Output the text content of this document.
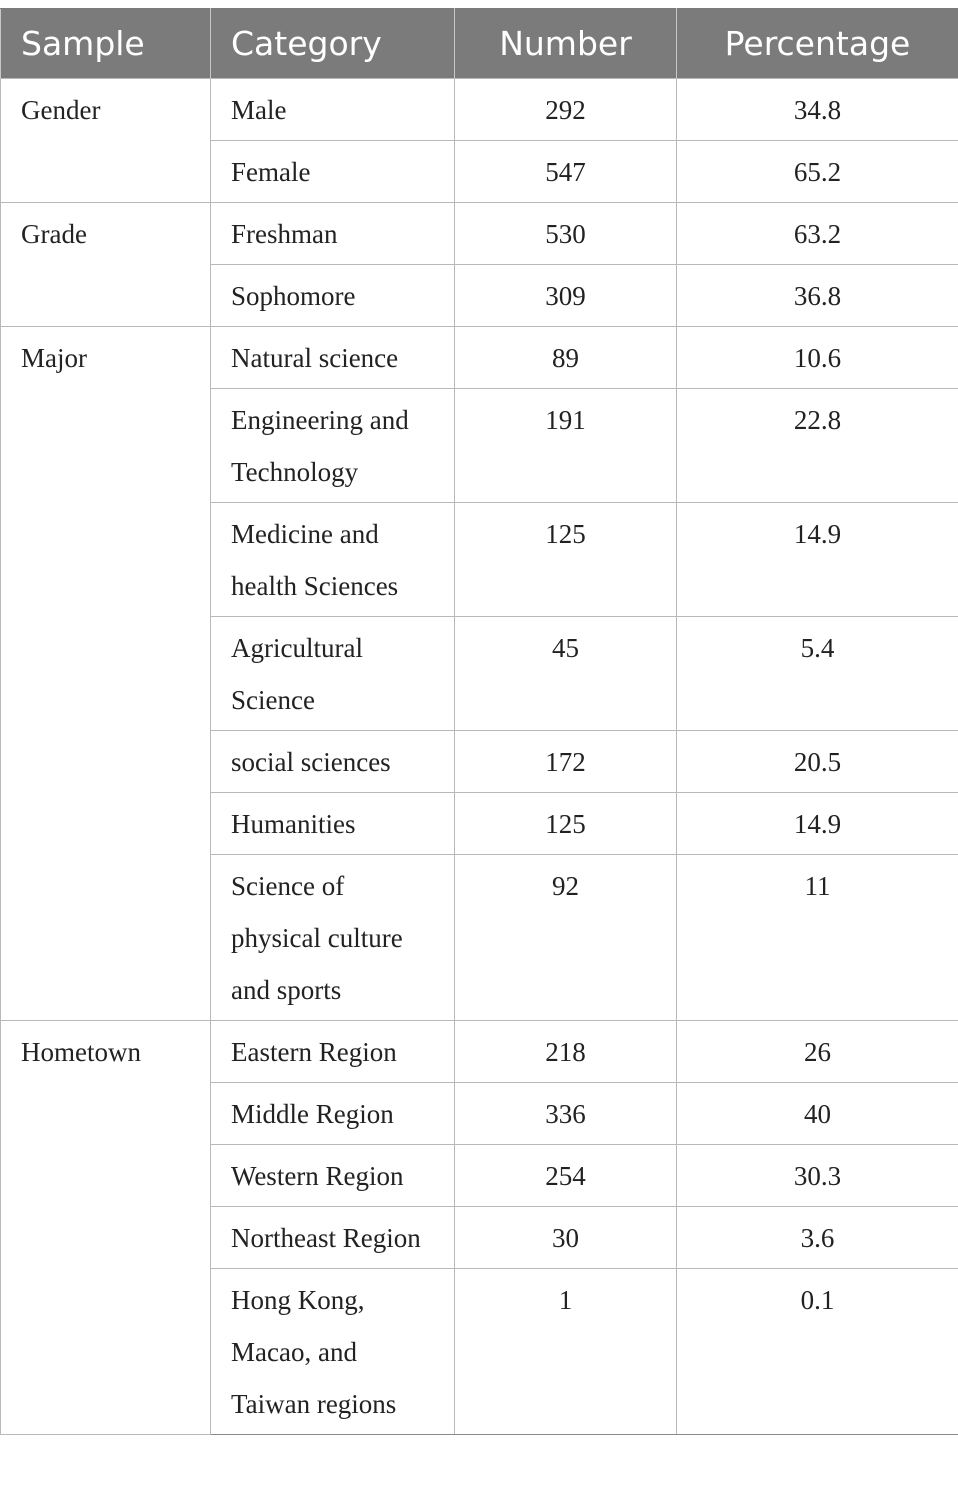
Sample	Category	Number	Percentage
Gender	Male	292	34.8
	Female	547	65.2
Grade	Freshman	530	63.2
	Sophomore	309	36.8
Major	Natural science	89	10.6
	Engineering and Technology	191	22.8
	Medicine and health Sciences	125	14.9
	Agricultural Science	45	5.4
	social sciences	172	20.5
	Humanities	125	14.9
	Science of physical culture and sports	92	11
Hometown	Eastern Region	218	26
	Middle Region	336	40
	Western Region	254	30.3
	Northeast Region	30	3.6
	Hong Kong, Macao, and Taiwan regions	1	0.1
